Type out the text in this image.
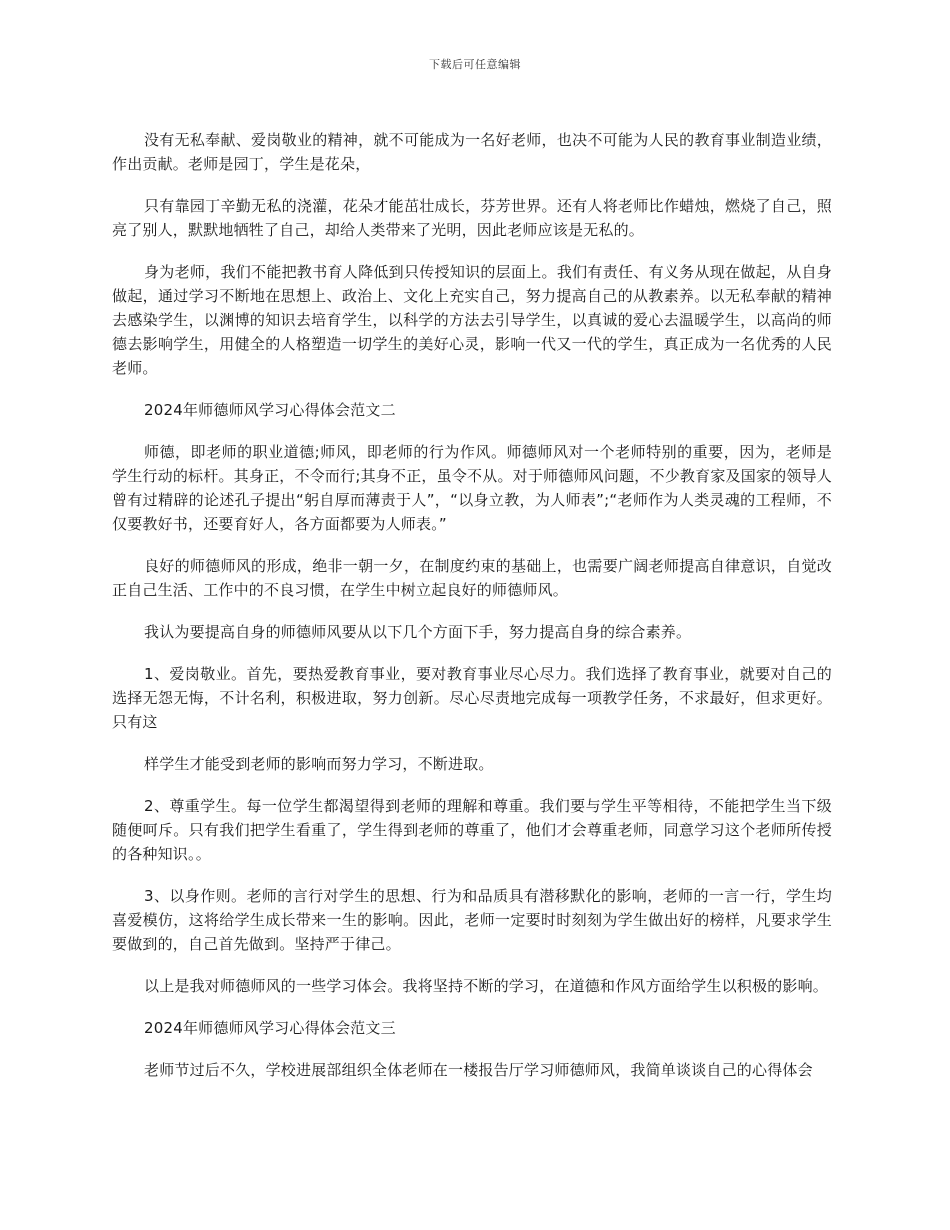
下载后可任意编辑

没有无私奉献、爱岗敬业的精神，就不可能成为一名好老师，也决不可能为人民的教育事业制造业绩，作出贡献。老师是园丁，学生是花朵，

只有靠园丁辛勤无私的浇灌，花朵才能茁壮成长，芬芳世界。还有人将老师比作蜡烛，燃烧了自己，照亮了别人，默默地牺牲了自己，却给人类带来了光明，因此老师应该是无私的。

身为老师，我们不能把教书育人降低到只传授知识的层面上。我们有责任、有义务从现在做起，从自身做起，通过学习不断地在思想上、政治上、文化上充实自己，努力提高自己的从教素养。以无私奉献的精神去感染学生，以渊博的知识去培育学生，以科学的方法去引导学生，以真诚的爱心去温暖学生，以高尚的师德去影响学生，用健全的人格塑造一切学生的美好心灵，影响一代又一代的学生，真正成为一名优秀的人民老师。

2024年师德师风学习心得体会范文二

师德，即老师的职业道德;师风，即老师的行为作风。师德师风对一个老师特别的重要，因为，老师是学生行动的标杆。其身正，不令而行;其身不正，虽令不从。对于师德师风问题，不少教育家及国家的领导人曾有过精辟的论述孔子提出“躬自厚而薄责于人”，“以身立教，为人师表”;“老师作为人类灵魂的工程师，不仅要教好书，还要育好人，各方面都要为人师表。”

良好的师德师风的形成，绝非一朝一夕，在制度约束的基础上，也需要广阔老师提高自律意识，自觉改正自己生活、工作中的不良习惯，在学生中树立起良好的师德师风。

我认为要提高自身的师德师风要从以下几个方面下手，努力提高自身的综合素养。

1、爱岗敬业。首先，要热爱教育事业，要对教育事业尽心尽力。我们选择了教育事业，就要对自己的选择无怨无悔，不计名利，积极进取，努力创新。尽心尽责地完成每一项教学任务，不求最好，但求更好。只有这

样学生才能受到老师的影响而努力学习，不断进取。

2、尊重学生。每一位学生都渴望得到老师的理解和尊重。我们要与学生平等相待，不能把学生当下级随便呵斥。只有我们把学生看重了，学生得到老师的尊重了，他们才会尊重老师，同意学习这个老师所传授的各种知识。。

3、以身作则。老师的言行对学生的思想、行为和品质具有潜移默化的影响，老师的一言一行，学生均喜爱模仿，这将给学生成长带来一生的影响。因此，老师一定要时时刻刻为学生做出好的榜样，凡要求学生要做到的，自己首先做到。坚持严于律己。

以上是我对师德师风的一些学习体会。我将坚持不断的学习，在道德和作风方面给学生以积极的影响。

2024年师德师风学习心得体会范文三

老师节过后不久，学校进展部组织全体老师在一楼报告厅学习师德师风，我简单谈谈自己的心得体会
